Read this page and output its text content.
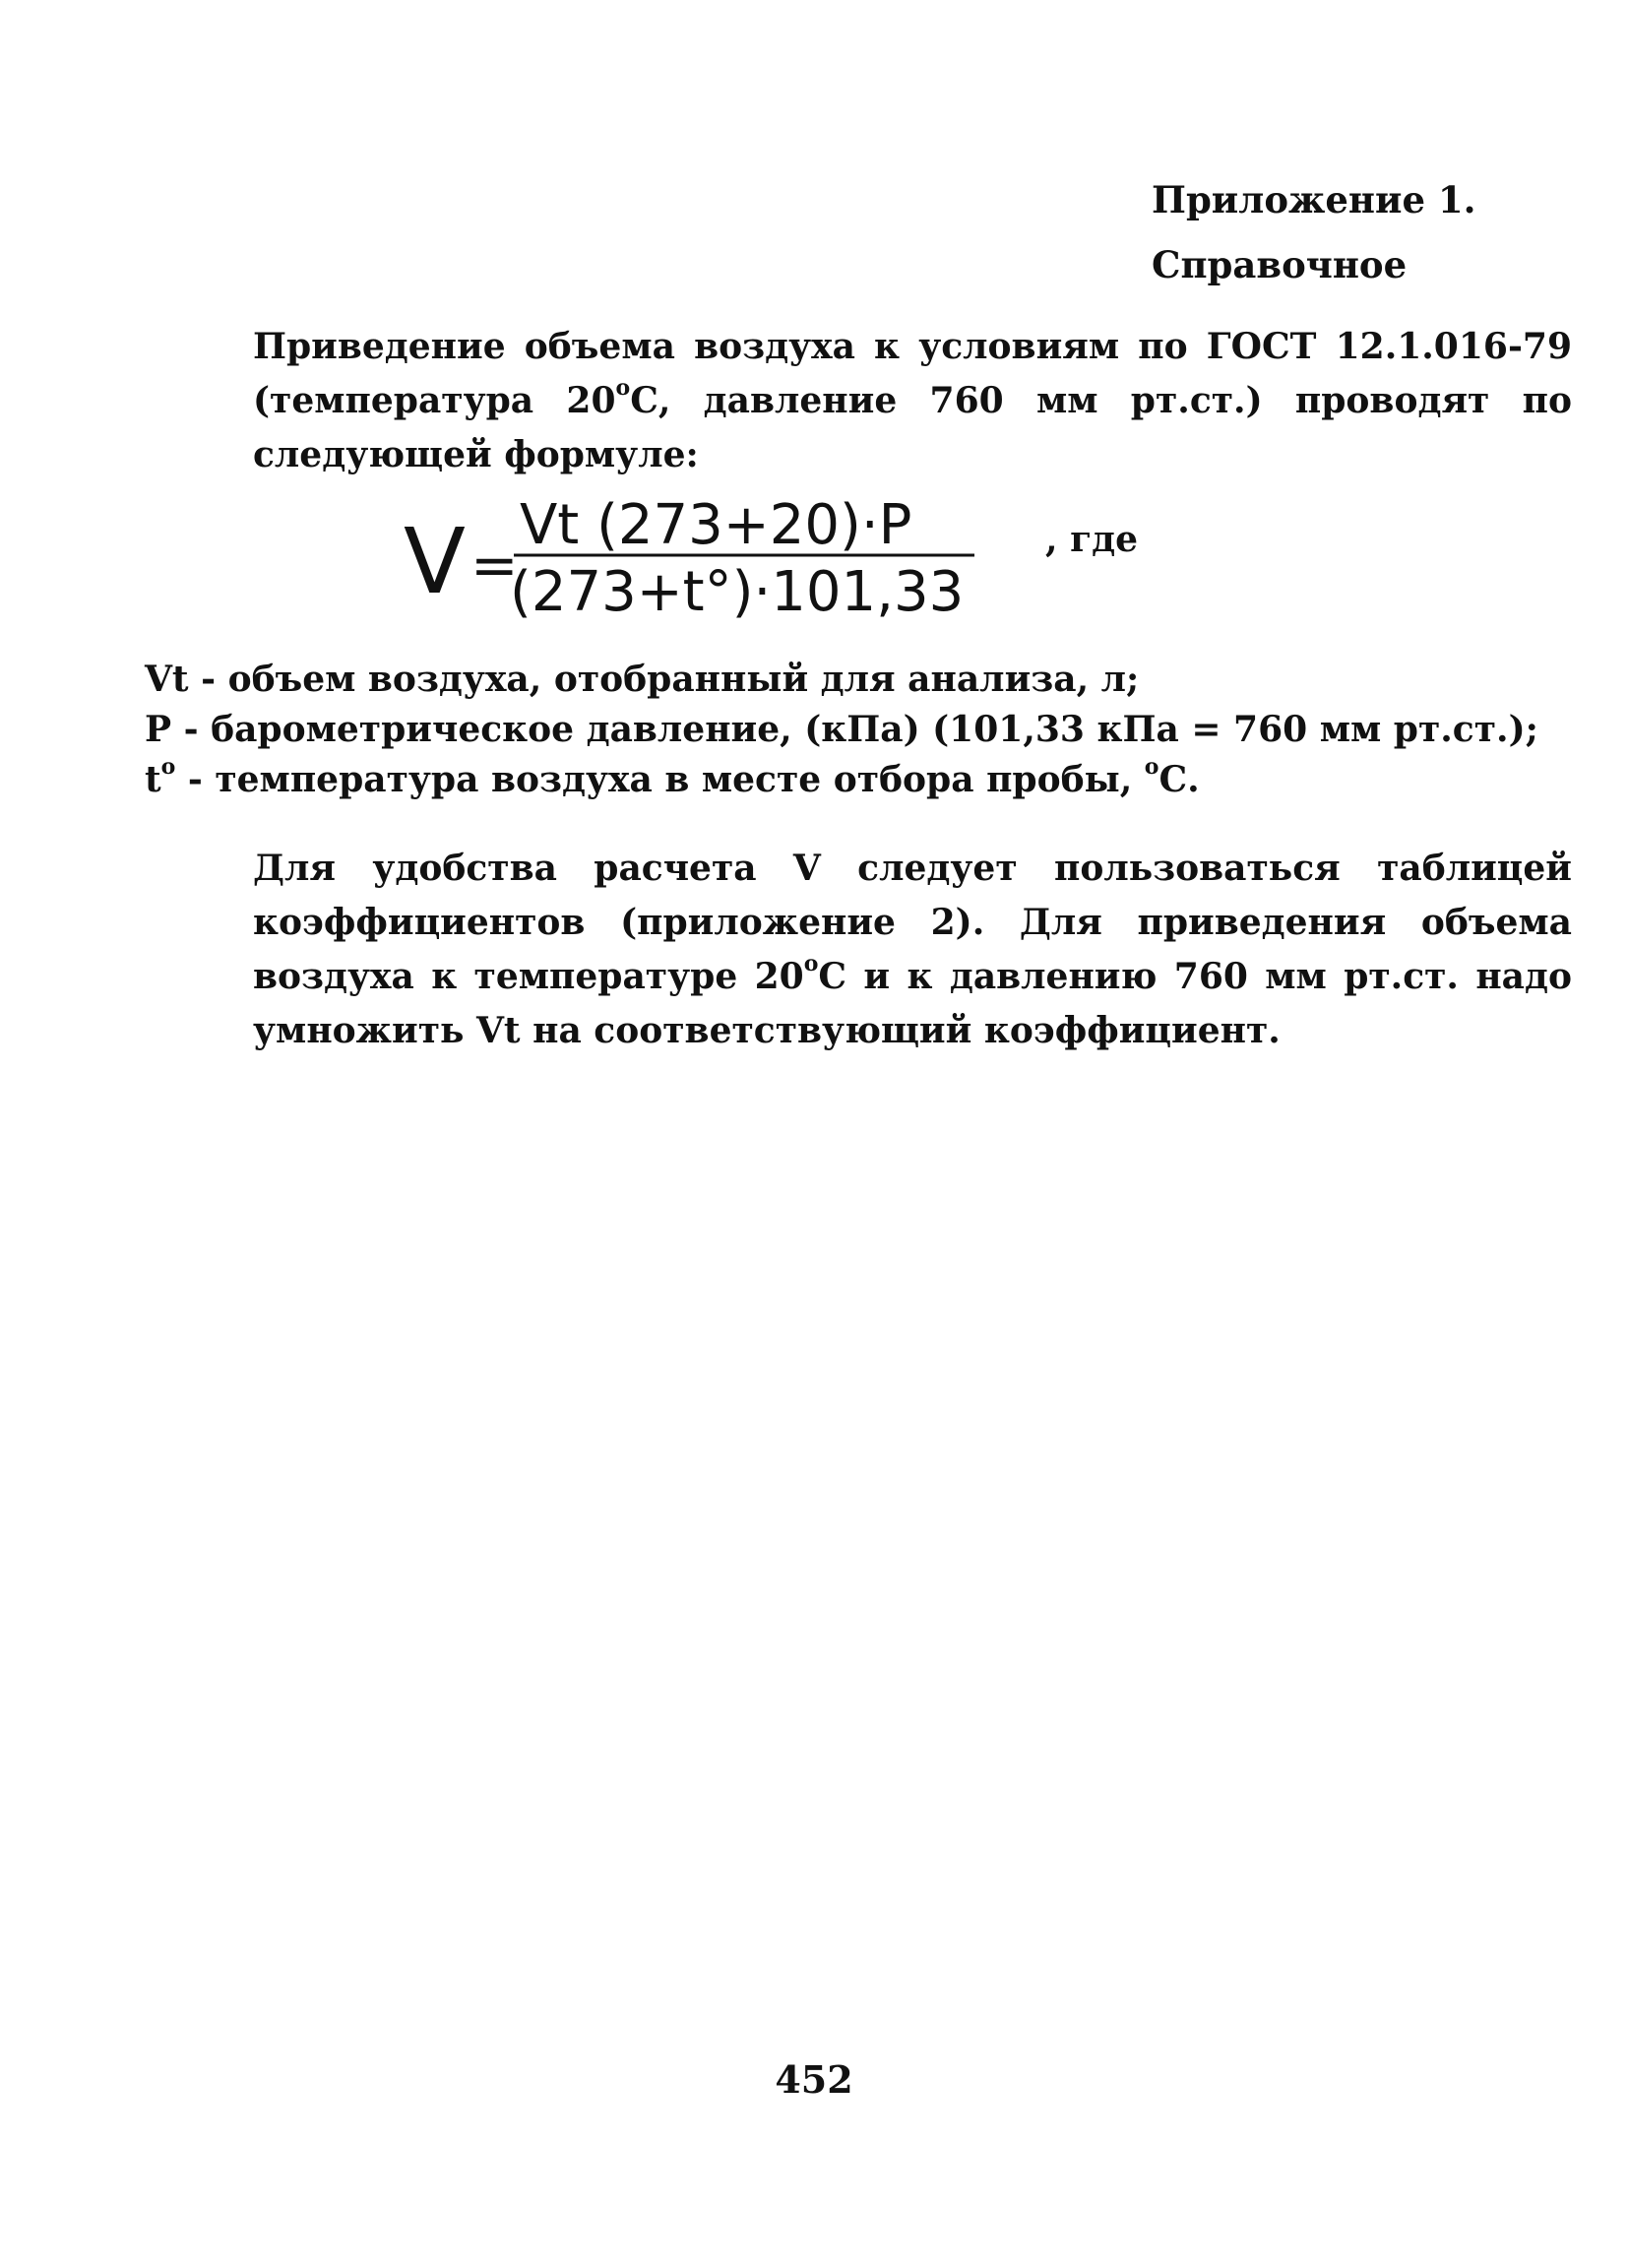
Приложение 1.
Справочное
Приведение объема воздуха к условиям по ГОСТ 12.1.016-79 (температура $20^оС$, давление 760 мм рт.ст.) проводят по следующей формуле:
V =
Vt (273+20)·P
(273+t°)·101,33
, где
Vt - объем воздуха, отобранный для анализа, л;
P - барометрическое давление, (кПа) (101,33 кПа = 760 мм рт.ст.);
$t^о$ - температура воздуха в месте отбора пробы, $^о$С.
Для удобства расчета V следует пользоваться таблицей коэффициентов (приложение 2). Для приведения объема воздуха к температуре $20^оС$ и к давлению 760 мм рт.ст. надо умножить Vt на соответствующий коэффициент.
452
